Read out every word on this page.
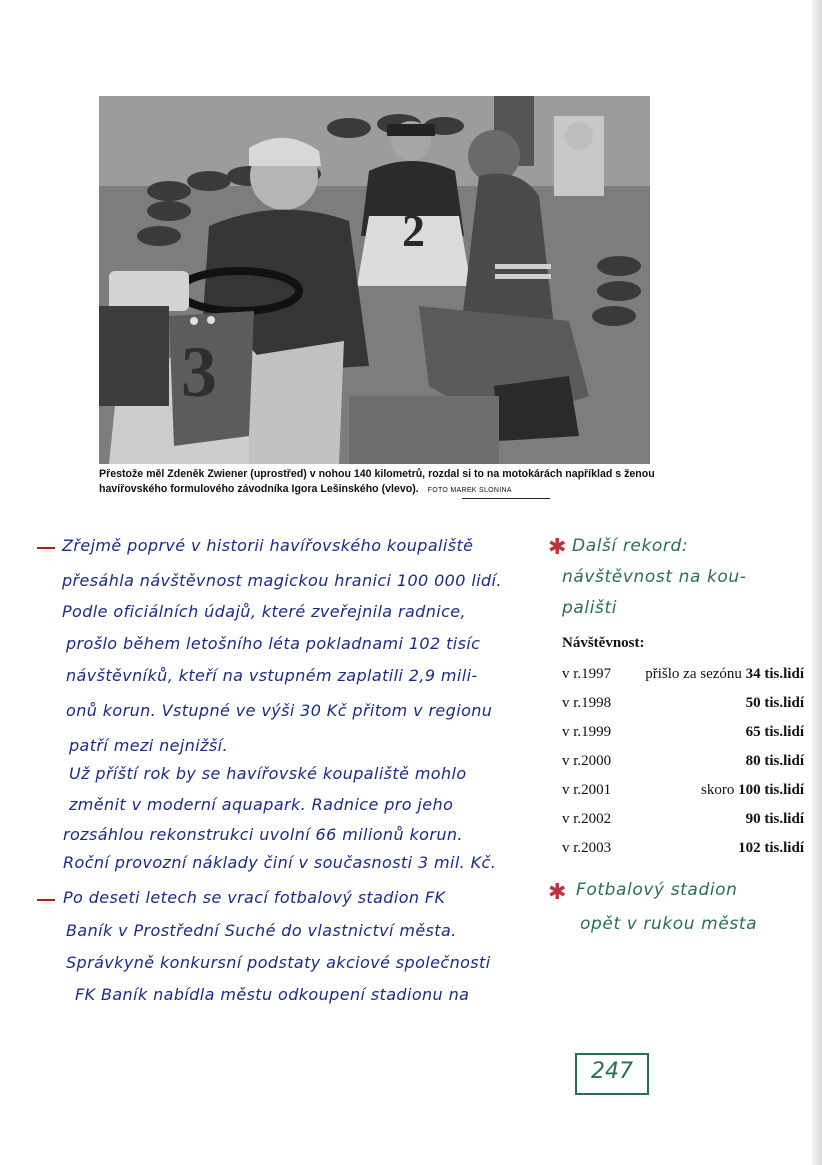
2
3
Přestože měl Zdeněk Zwiener (uprostřed) v nohou 140 kilometrů, rozdal si to na motokárách například s ženou havířovského formulového závodníka Igora Lešinského (vlevo). FOTO MAREK SLONINA
Zřejmě poprvé v historii havířovského koupaliště
přesáhla návštěvnost magickou hranici 100 000 lidí.
Podle oficiálních údajů, které zveřejnila radnice,
prošlo během letošního léta pokladnami 102 tisíc
návštěvníků, kteří na vstupném zaplatili 2,9 mili-
onů korun. Vstupné ve výši 30 Kč přitom v regionu
patří mezi nejnižší.
Už příští rok by se havířovské koupaliště mohlo
změnit v moderní aquapark. Radnice pro jeho
rozsáhlou rekonstrukci uvolní 66 milionů korun.
Roční provozní náklady činí v současnosti 3 mil. Kč.
Po deseti letech se vrací fotbalový stadion FK
Baník v Prostřední Suché do vlastnictví města.
Správkyně konkursní podstaty akciové společnosti
FK Baník nabídla městu odkoupení stadionu na
✱ Další rekord:
návštěvnost na kou-
pališti
✱ Fotbalový stadion
opět v rukou města
Návštěvnost:
v r.1997 přišlo za sezónu 34 tis.lidí
v r.1998	50 tis.lidí
v r.1999	65 tis.lidí
v r.2000	80 tis.lidí
v r.2001	skoro 100 tis.lidí
v r.2002	90 tis.lidí
v r.2003	102 tis.lidí
247
